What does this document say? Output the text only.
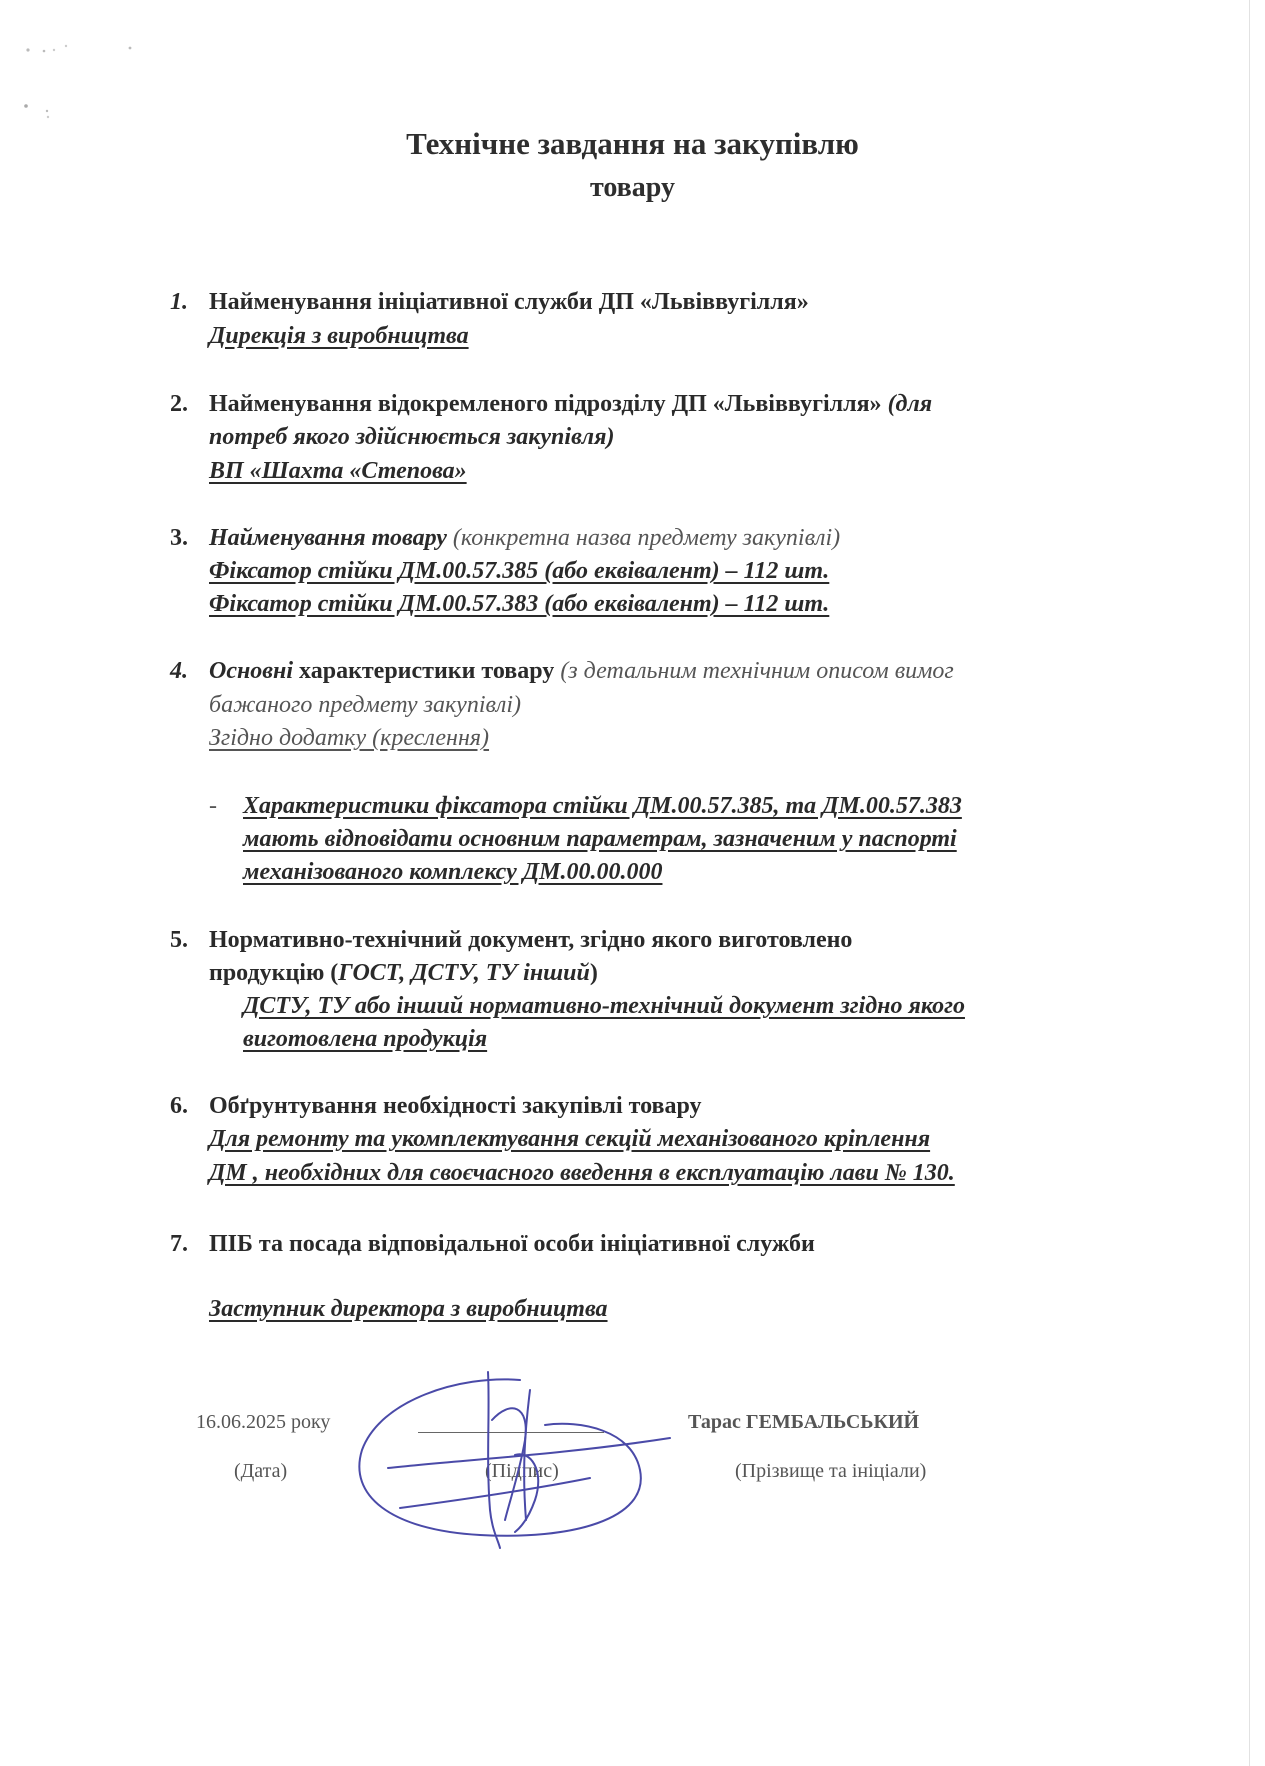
Технічне завдання на закупівлю
товару
1. Найменування ініціативної служби ДП «Львіввугілля»
Дирекція з виробництва
2. Найменування відокремленого підрозділу ДП «Львіввугілля» (для
потреб якого здійснюється закупівля)
ВП «Шахта «Степова»
3. Найменування товару (конкретна назва предмету закупівлі)
Фіксатор стійки ДМ.00.57.385 (або еквівалент) – 112 шт.
Фіксатор стійки ДМ.00.57.383 (або еквівалент) – 112 шт.
4. Основні характеристики товару (з детальним технічним описом вимог
бажаного предмету закупівлі)
Згідно додатку (креслення)
- Характеристики фіксатора стійки ДМ.00.57.385, та ДМ.00.57.383
мають відповідати основним параметрам, зазначеним у паспорті
механізованого комплексу ДМ.00.00.000
5. Нормативно-технічний документ, згідно якого виготовлено
продукцію (ГОСТ, ДСТУ, ТУ інший)
ДСТУ, ТУ або інший нормативно-технічний документ згідно якого
виготовлена продукція
6. Обґрунтування необхідності закупівлі товару
Для ремонту та укомплектування секцій механізованого кріплення
ДМ , необхідних для своєчасного введення в експлуатацію лави № 130.
7. ПІБ та посада відповідальної особи ініціативної служби
Заступник директора з виробництва
16.06.2025 року	Тарас ГЕМБАЛЬСЬКИЙ
(Дата)	(Підпис)	(Прізвище та ініціали)
